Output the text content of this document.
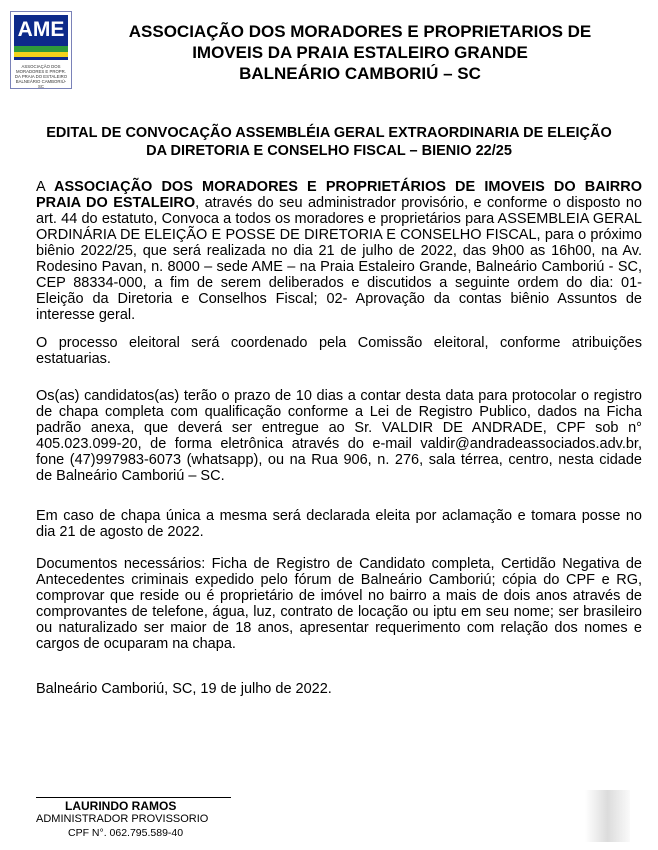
AME
ASSOCIAÇÃO DOS MORADORES E PROPR. DA PRAIA DO ESTALEIRO BALNEÁRIO CAMBORIÚ-SC
ASSOCIAÇÃO DOS MORADORES E PROPRIETARIOS DE
IMOVEIS DA PRAIA ESTALEIRO GRANDE
BALNEÁRIO CAMBORIÚ – SC
EDITAL DE CONVOCAÇÃO ASSEMBLÉIA GERAL EXTRAORDINARIA DE ELEIÇÃO
DA DIRETORIA E CONSELHO FISCAL – BIENIO 22/25
A ASSOCIAÇÃO DOS MORADORES E PROPRIETÁRIOS DE IMOVEIS DO BAIRRO PRAIA DO ESTALEIRO, através do seu administrador provisório, e conforme o disposto no art. 44 do estatuto, Convoca a todos os moradores e proprietários para ASSEMBLEIA GERAL ORDINÁRIA DE ELEIÇÃO E POSSE DE DIRETORIA E CONSELHO FISCAL, para o próximo biênio 2022/25, que será realizada no dia 21 de julho de 2022, das 9h00 as 16h00, na Av. Rodesino Pavan, n. 8000 – sede AME – na Praia Estaleiro Grande, Balneário Camboriú - SC, CEP 88334-000, a fim de serem deliberados e discutidos a seguinte ordem do dia: 01- Eleição da Diretoria e Conselhos Fiscal; 02- Aprovação da contas biênio Assuntos de interesse geral.
O processo eleitoral será coordenado pela Comissão eleitoral, conforme atribuições estatuarias.
Os(as) candidatos(as) terão o prazo de 10 dias a contar desta data para protocolar o registro de chapa completa com qualificação conforme a Lei de Registro Publico, dados na Ficha padrão anexa, que deverá ser entregue ao Sr. VALDIR DE ANDRADE, CPF sob n° 405.023.099-20, de forma eletrônica através do e-mail valdir@andradeassociados.adv.br, fone (47)997983-6073 (whatsapp), ou na Rua 906, n. 276, sala térrea, centro, nesta cidade de Balneário Camboriú – SC.
Em caso de chapa única a mesma será declarada eleita por aclamação e tomara posse no dia 21 de agosto de 2022.
Documentos necessários: Ficha de Registro de Candidato completa, Certidão Negativa de Antecedentes criminais expedido pelo fórum de Balneário Camboriú; cópia do CPF e RG, comprovar que reside ou é proprietário de imóvel no bairro a mais de dois anos através de comprovantes de telefone, água, luz, contrato de locação ou iptu em seu nome; ser brasileiro ou naturalizado ser maior de 18 anos, apresentar requerimento com relação dos nomes e cargos de ocuparam na chapa.
Balneário Camboriú, SC, 19 de julho de 2022.
LAURINDO RAMOS
ADMINISTRADOR PROVISSORIO
CPF N°. 062.795.589-40
